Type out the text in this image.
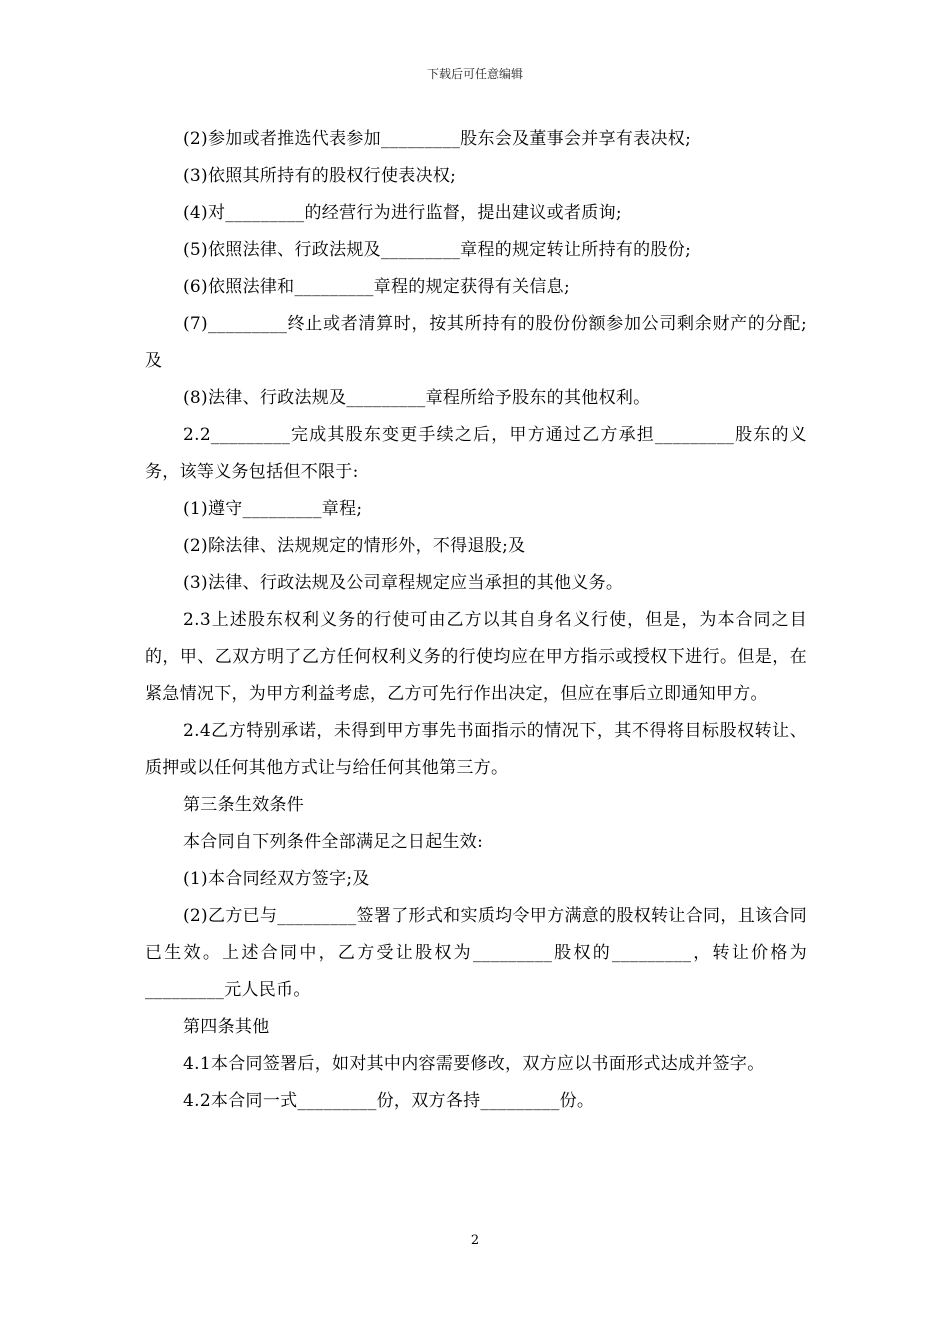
下载后可任意编辑

(2)参加或者推选代表参加_________股东会及董事会并享有表决权;

(3)依照其所持有的股权行使表决权;

(4)对_________的经营行为进行监督，提出建议或者质询;

(5)依照法律、行政法规及_________章程的规定转让所持有的股份;

(6)依照法律和_________章程的规定获得有关信息;

(7)_________终止或者清算时，按其所持有的股份份额参加公司剩余财产的分配;及

(8)法律、行政法规及_________章程所给予股东的其他权利。

2.2_________完成其股东变更手续之后，甲方通过乙方承担_________股东的义务，该等义务包括但不限于:

(1)遵守_________章程;

(2)除法律、法规规定的情形外，不得退股;及

(3)法律、行政法规及公司章程规定应当承担的其他义务。

2.3上述股东权利义务的行使可由乙方以其自身名义行使，但是，为本合同之目的，甲、乙双方明了乙方任何权利义务的行使均应在甲方指示或授权下进行。但是，在紧急情况下，为甲方利益考虑，乙方可先行作出决定，但应在事后立即通知甲方。

2.4乙方特别承诺，未得到甲方事先书面指示的情况下，其不得将目标股权转让、质押或以任何其他方式让与给任何其他第三方。

第三条生效条件

本合同自下列条件全部满足之日起生效:

(1)本合同经双方签字;及

(2)乙方已与_________签署了形式和实质均令甲方满意的股权转让合同，且该合同已生效。上述合同中，乙方受让股权为_________股权的_________，转让价格为_________元人民币。

第四条其他

4.1本合同签署后，如对其中内容需要修改，双方应以书面形式达成并签字。

4.2本合同一式_________份，双方各持_________份。

2
